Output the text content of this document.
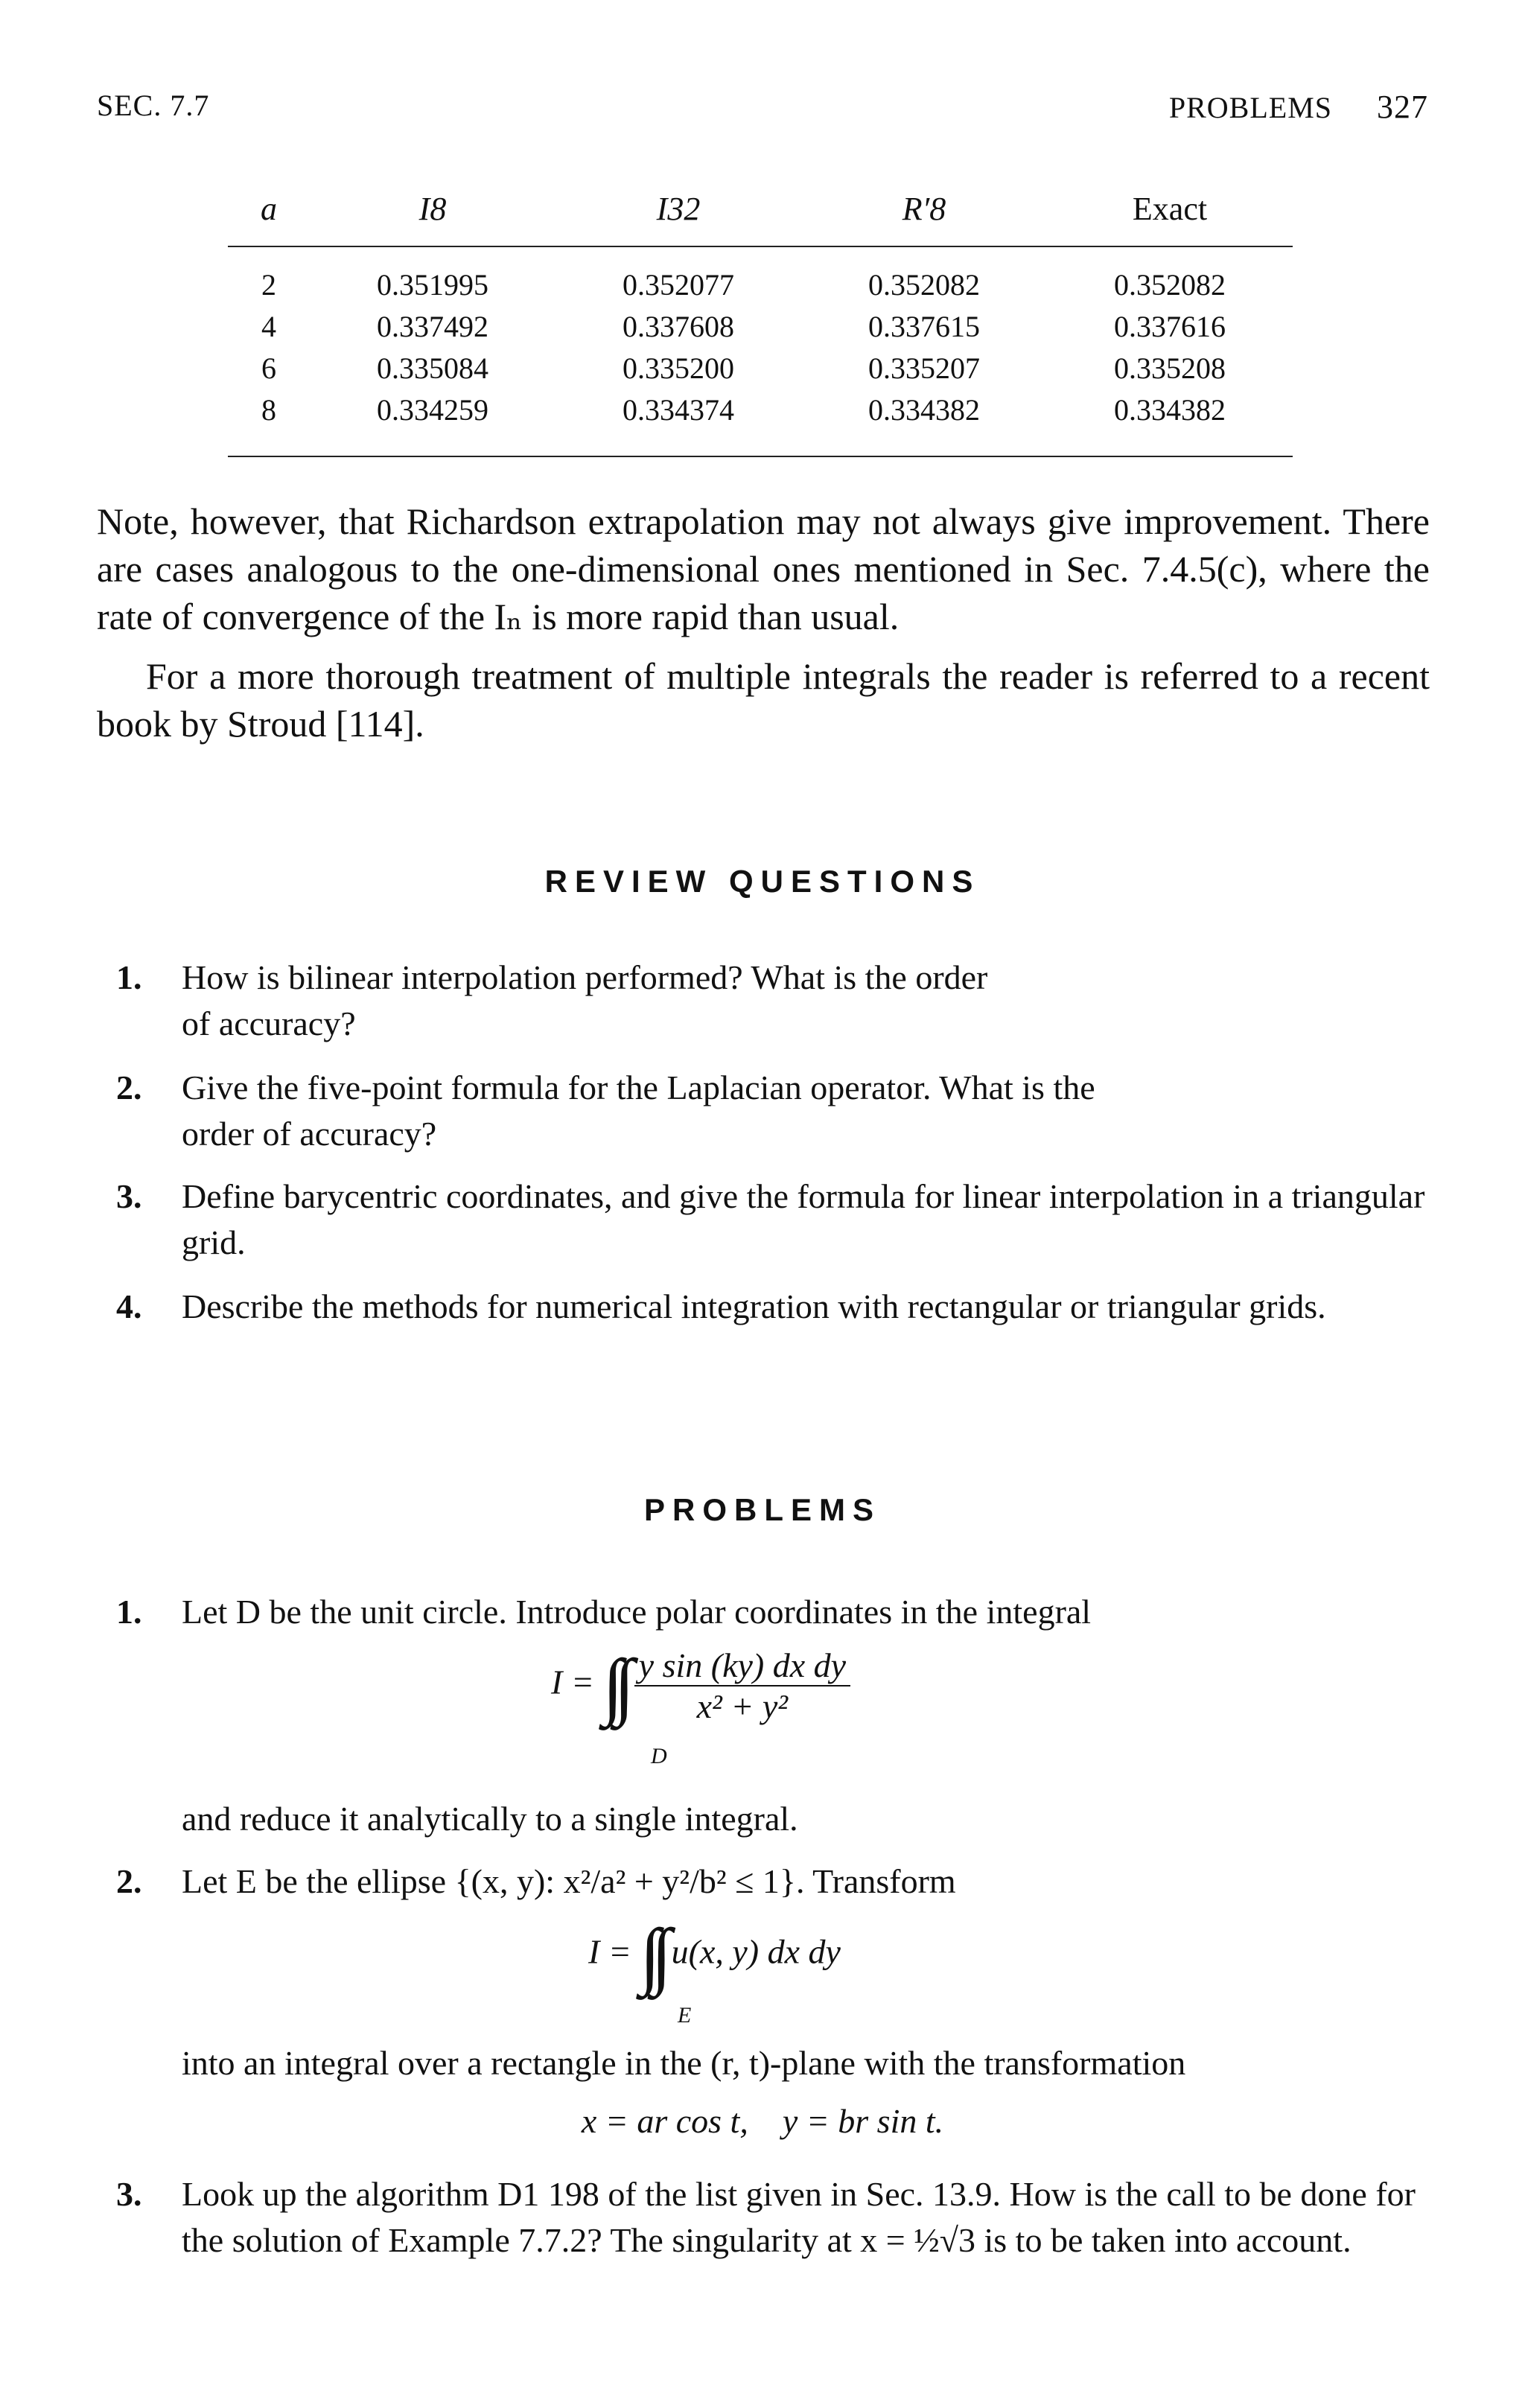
SEC. 7.7	PROBLEMS 327
a	I8	I32	R′8	Exact
2	0.351995	0.352077	0.352082	0.352082
4	0.337492	0.337608	0.337615	0.337616
6	0.335084	0.335200	0.335207	0.335208
8	0.334259	0.334374	0.334382	0.334382
Note, however, that Richardson extrapolation may not always give improvement. There are cases analogous to the one-dimensional ones mentioned in Sec. 7.4.5(c), where the rate of convergence of the Iₙ is more rapid than usual.
For a more thorough treatment of multiple integrals the reader is referred to a recent book by Stroud [114].
REVIEW QUESTIONS
1.	How is bilinear interpolation performed? What is the order of accuracy?
2.	Give the five-point formula for the Laplacian operator. What is the order of accuracy?
3.	Define barycentric coordinates, and give the formula for linear interpolation in a triangular grid.
4.	Describe the methods for numerical integration with rectangular or triangular grids.
PROBLEMS
1.	Let D be the unit circle. Introduce polar coordinates in the integral
I = ∫∫ $\frac{\text{y sin (ky) dx dy}}{\text{x² + y²}}$
D
and reduce it analytically to a single integral.
2.	Let E be the ellipse {(x, y): x²/a² + y²/b² ≤ 1}. Transform
I = ∫∫ u(x, y) dx dy
E
into an integral over a rectangle in the (r, t)-plane with the transformation
x = ar cos t,    y = br sin t.
3.	Look up the algorithm D1 198 of the list given in Sec. 13.9. How is the call to be done for the solution of Example 7.7.2? The singularity at x = ½√3 is to be taken into account.
